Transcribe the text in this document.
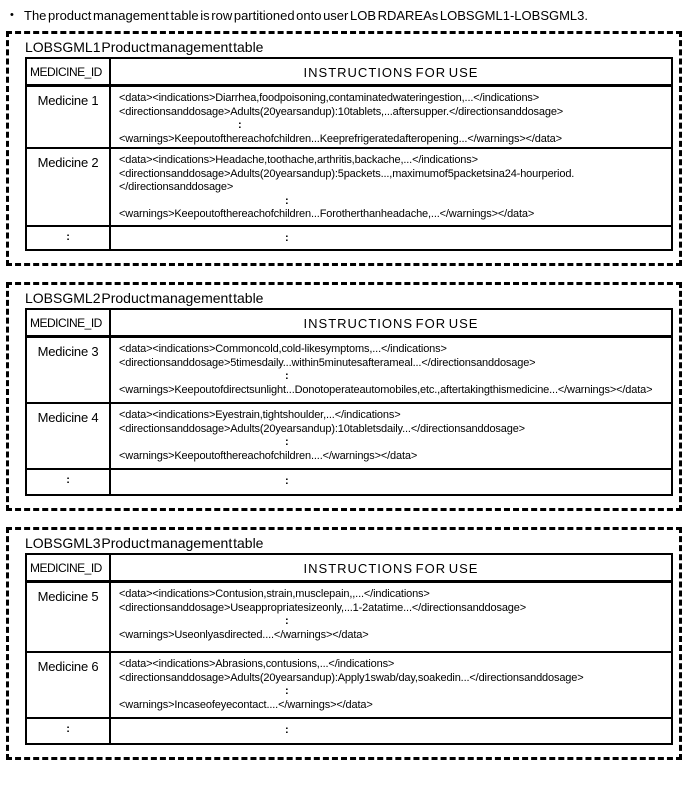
• The product management table is row partitioned onto user LOB RDAREAs LOBSGML1-LOBSGML3.
LOBSGML1 Product management table
MEDICINE_ID	INSTRUCTIONS FOR USE
Medicine 1	<data><indications>Diarrhea,foodpoisoning,contaminatedwateringestion,...</indications>
<directionsanddosage>Adults(20yearsandup):10tablets,...aftersupper.</directionsanddosage>
:
<warnings>Keepoutofthereachofchildren...Keeprefrigeratedafteropening...</warnings></data>
Medicine 2	<data><indications>Headache,toothache,arthritis,backache,...</indications>
<directionsanddosage>Adults(20yearsandup):5packets...,maximumof5packetsina24-hourperiod.
</directionsanddosage>
:
<warnings>Keepoutofthereachofchildren...Forotherthanheadache,...</warnings></data>
:	:
LOBSGML2 Product management table
MEDICINE_ID	INSTRUCTIONS FOR USE
Medicine 3	<data><indications>Commoncold,cold-likesymptoms,...</indications>
<directionsanddosage>5timesdaily...within5minutesafterameal...</directionsanddosage>
:
<warnings>Keepoutofdirectsunlight...Donotoperateautomobiles,etc.,aftertakingthismedicine...</warnings></data>
Medicine 4	<data><indications>Eyestrain,tightshoulder,...</indications>
<directionsanddosage>Adults(20yearsandup):10tabletsdaily...</directionsanddosage>
:
<warnings>Keepoutofthereachofchildren....</warnings></data>
:	:
LOBSGML3 Product management table
MEDICINE_ID	INSTRUCTIONS FOR USE
Medicine 5	<data><indications>Contusion,strain,musclepain,,...</indications>
<directionsanddosage>Useappropriatesizeonly,...1-2atatime...</directionsanddosage>
:
<warnings>Useonlyasdirected....</warnings></data>
Medicine 6	<data><indications>Abrasions,contusions,...</indications>
<directionsanddosage>Adults(20yearsandup):Apply1swab/day,soakedin...</directionsanddosage>
:
<warnings>Incaseofeyecontact....</warnings></data>
:	:
